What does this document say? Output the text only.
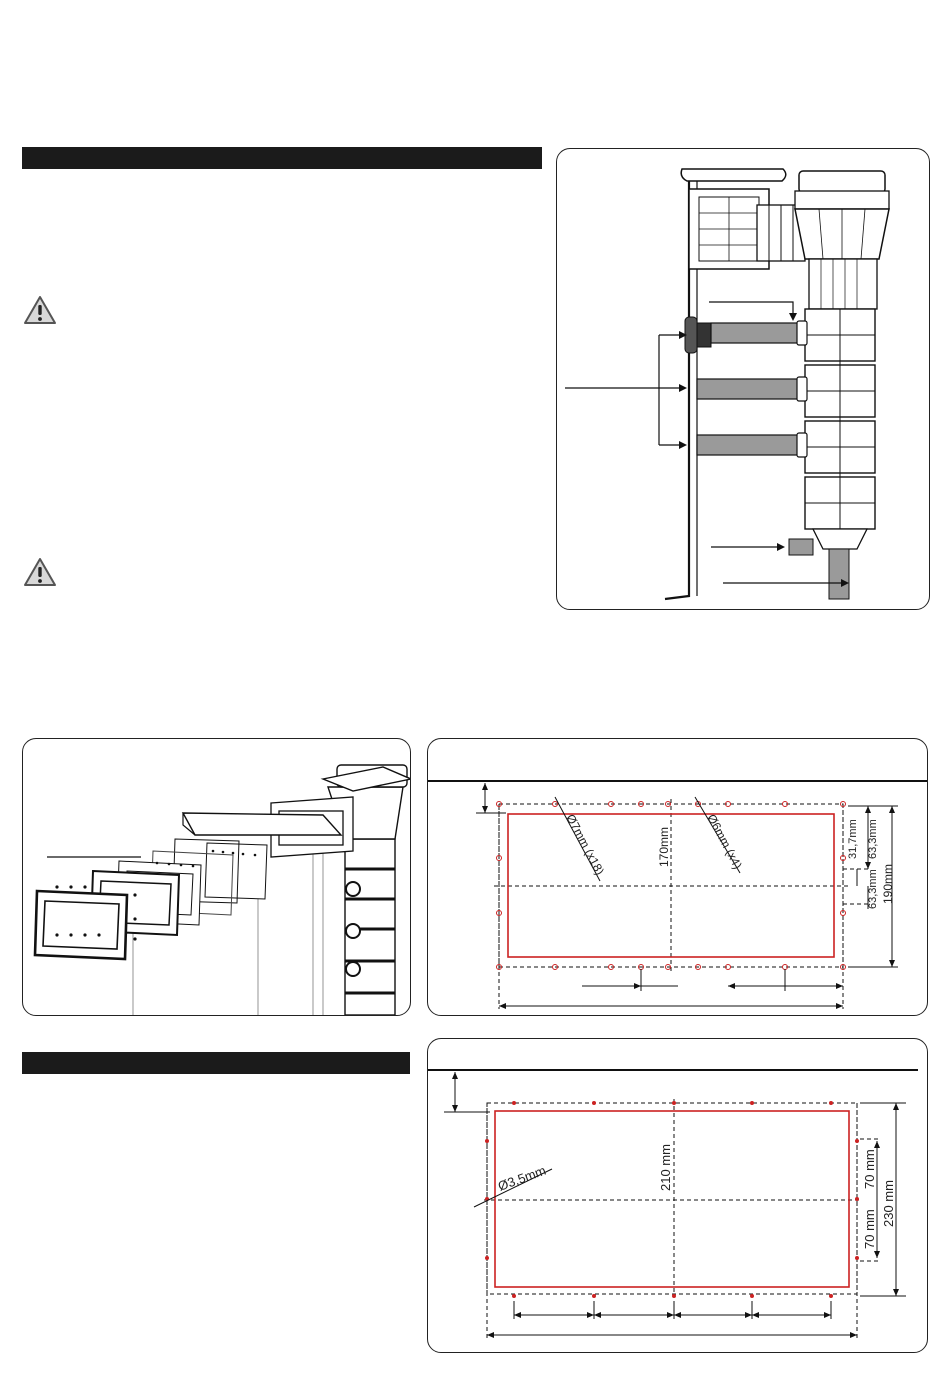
Ø7mm (x18)	Ø6mm (x4)
170mm	31,7mm 63,3mm
63,3mm 190mm
Ø3,5mm	210 mm	70 mm
70 mm
230 mm
